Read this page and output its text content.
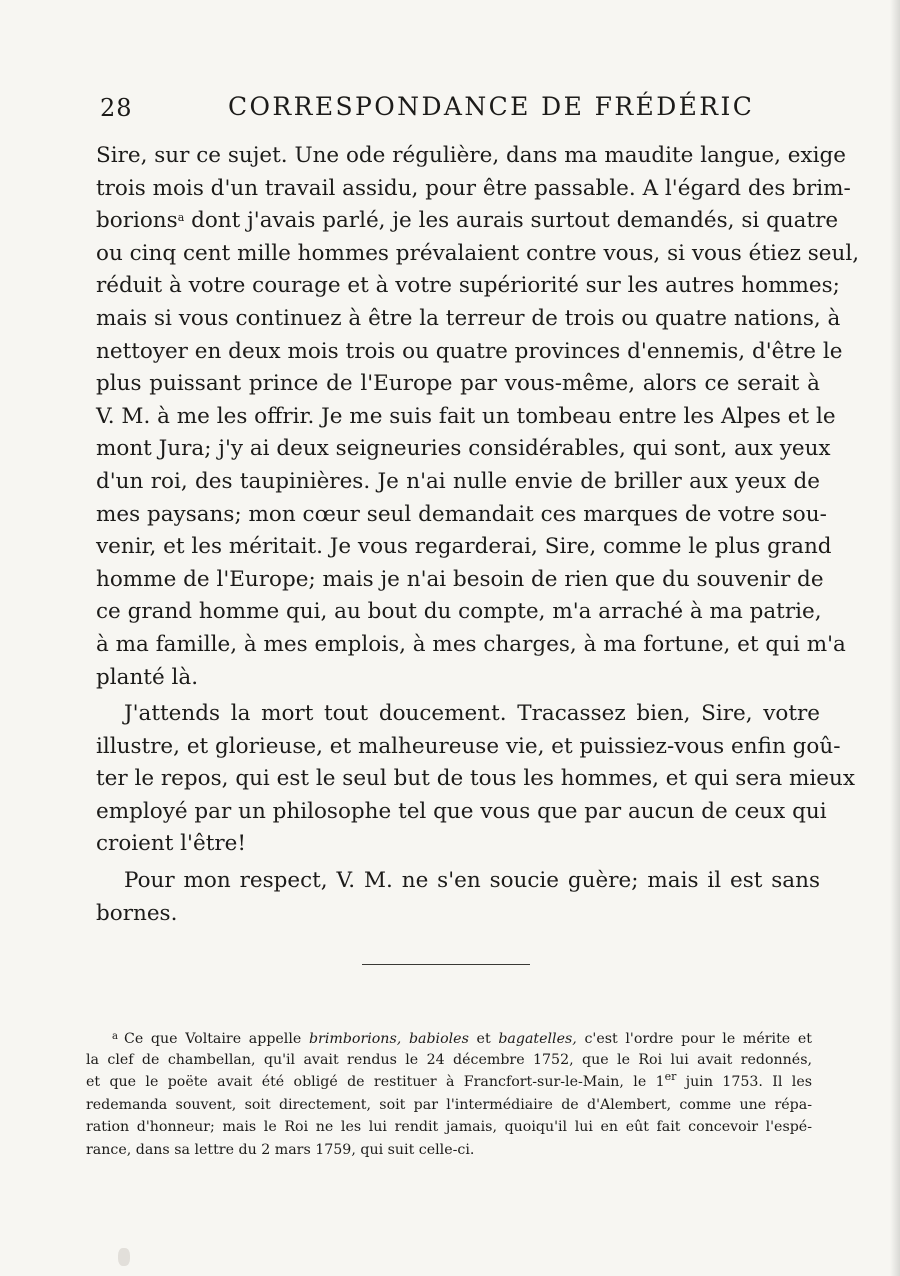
28	CORRESPONDANCE DE FRÉDÉRIC
Sire, sur ce sujet. Une ode régulière, dans ma maudite langue, exige
trois mois d'un travail assidu, pour être passable. A l'égard des brim-
borions$^a$ dont j'avais parlé, je les aurais surtout demandés, si quatre
ou cinq cent mille hommes prévalaient contre vous, si vous étiez seul,
réduit à votre courage et à votre supériorité sur les autres hommes;
mais si vous continuez à être la terreur de trois ou quatre nations, à
nettoyer en deux mois trois ou quatre provinces d'ennemis, d'être le
plus puissant prince de l'Europe par vous-même, alors ce serait à
V. M. à me les offrir. Je me suis fait un tombeau entre les Alpes et le
mont Jura; j'y ai deux seigneuries considérables, qui sont, aux yeux
d'un roi, des taupinières. Je n'ai nulle envie de briller aux yeux de
mes paysans; mon cœur seul demandait ces marques de votre sou-
venir, et les méritait. Je vous regarderai, Sire, comme le plus grand
homme de l'Europe; mais je n'ai besoin de rien que du souvenir de
ce grand homme qui, au bout du compte, m'a arraché à ma patrie,
à ma famille, à mes emplois, à mes charges, à ma fortune, et qui m'a
planté là.
J'attends la mort tout doucement. Tracassez bien, Sire, votre
illustre, et glorieuse, et malheureuse vie, et puissiez-vous enfin goû-
ter le repos, qui est le seul but de tous les hommes, et qui sera mieux
employé par un philosophe tel que vous que par aucun de ceux qui
croient l'être!
Pour mon respect, V. M. ne s'en soucie guère; mais il est sans
bornes.
$^a$ Ce que Voltaire appelle brimborions, babioles et bagatelles, c'est l'ordre pour le mérite et
la clef de chambellan, qu'il avait rendus le 24 décembre 1752, que le Roi lui avait redonnés,
et que le poëte avait été obligé de restituer à Francfort-sur-le-Main, le 1er juin 1753. Il les
redemanda souvent, soit directement, soit par l'intermédiaire de d'Alembert, comme une répa-
ration d'honneur; mais le Roi ne les lui rendit jamais, quoiqu'il lui en eût fait concevoir l'espé-
rance, dans sa lettre du 2 mars 1759, qui suit celle-ci.
